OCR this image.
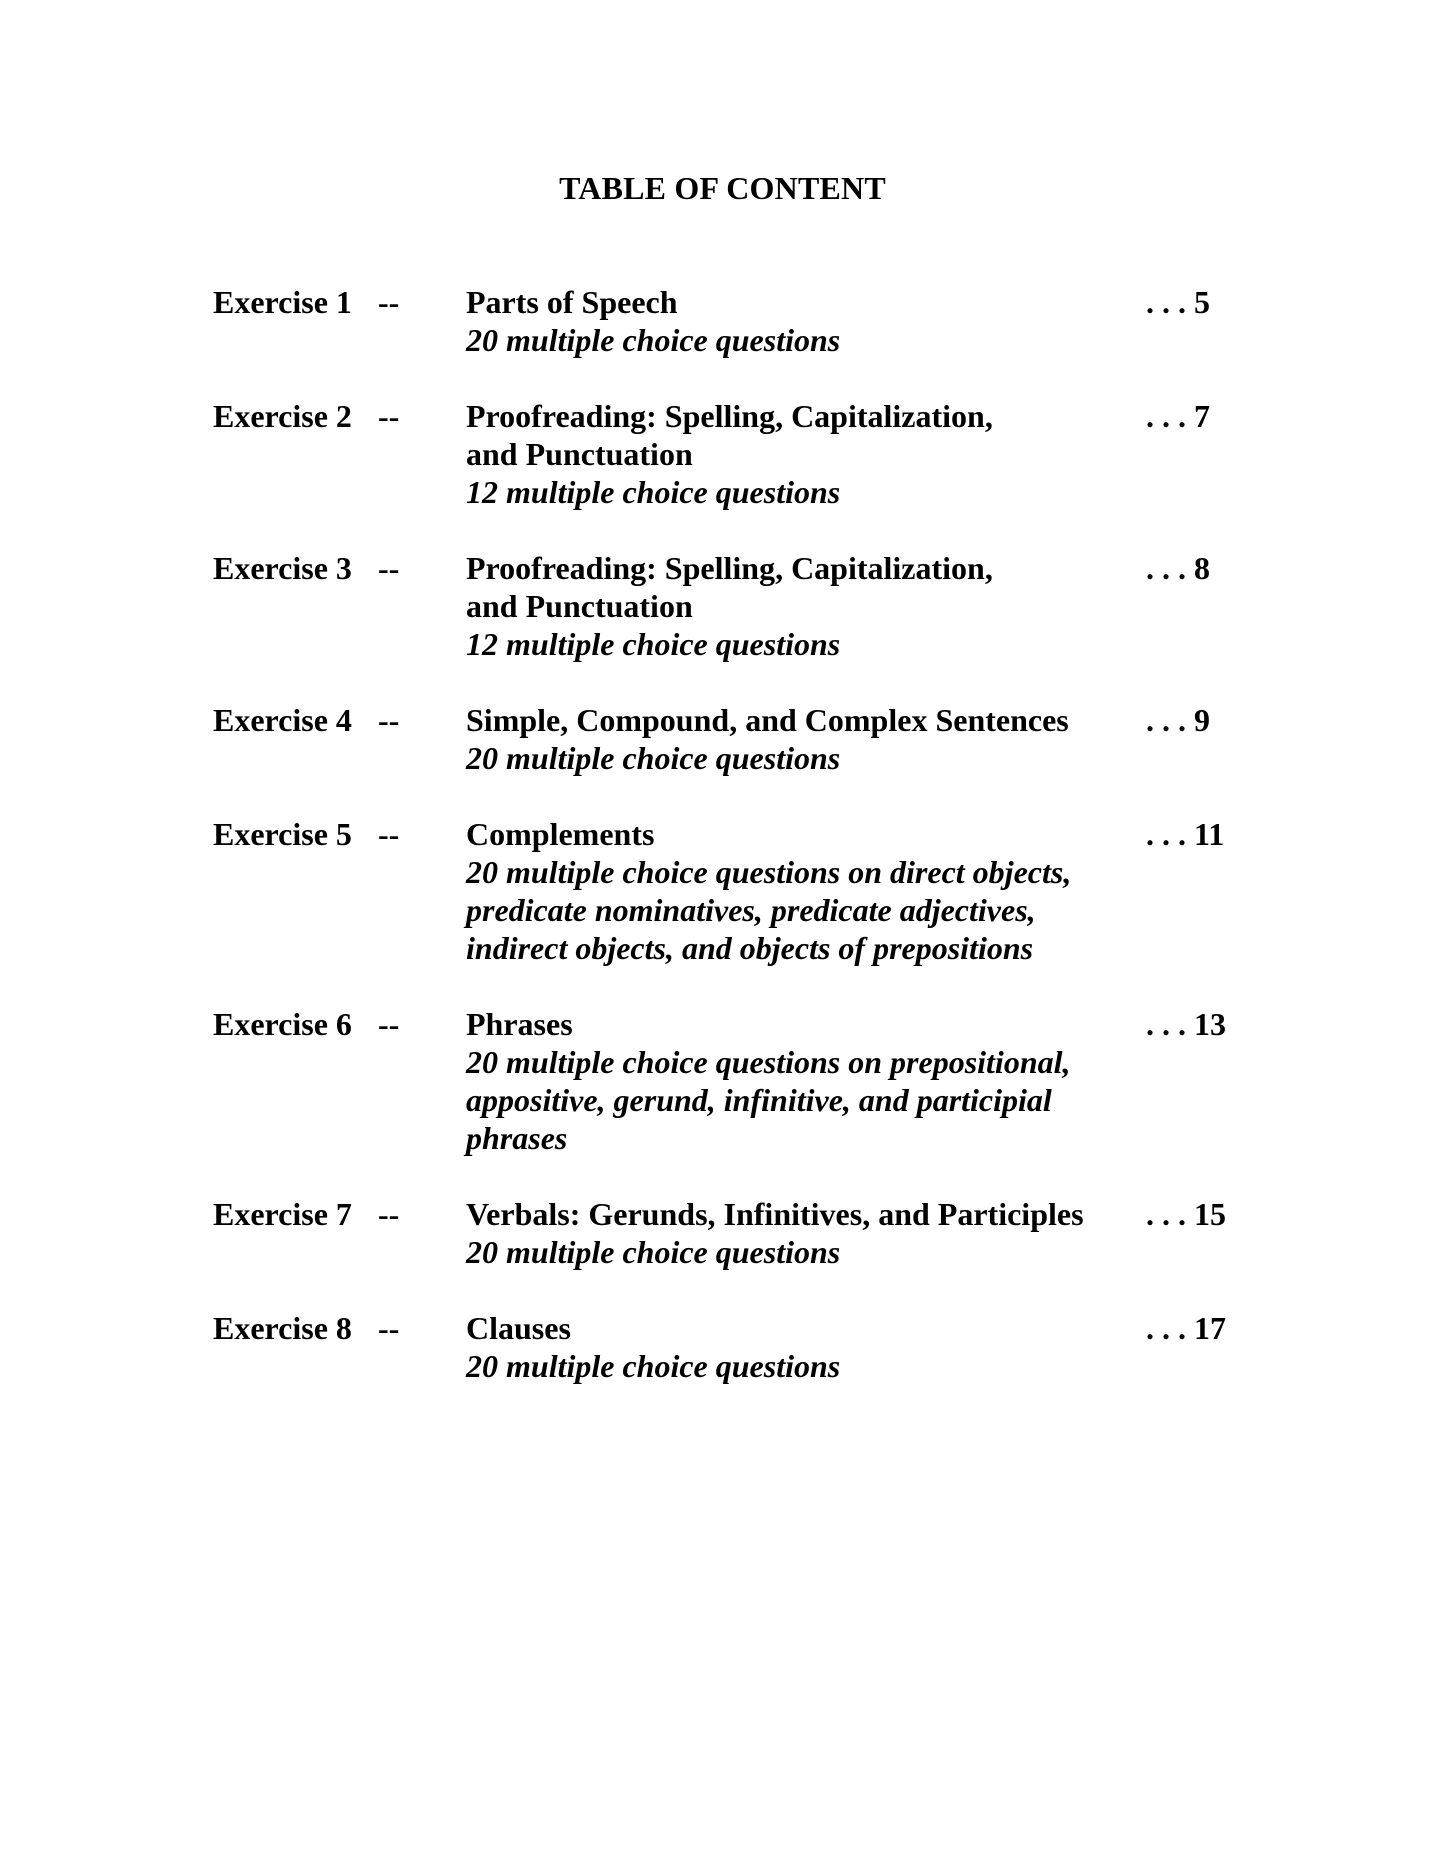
TABLE OF CONTENT
Exercise 1 --	Parts of Speech
20 multiple choice questions
. . . 5
Exercise 2 --	Proofreading: Spelling, Capitalization,
and Punctuation
12 multiple choice questions
. . . 7
Exercise 3 --	Proofreading: Spelling, Capitalization,
and Punctuation
12 multiple choice questions
. . . 8
Exercise 4 --	Simple, Compound, and Complex Sentences
20 multiple choice questions
. . . 9
Exercise 5 --	Complements
20 multiple choice questions on direct objects,
predicate nominatives, predicate adjectives,
indirect objects, and objects of prepositions
. . . 11
Exercise 6 --	Phrases
20 multiple choice questions on prepositional,
appositive, gerund, infinitive, and participial
phrases
. . . 13
Exercise 7 --	Verbals: Gerunds, Infinitives, and Participles
20 multiple choice questions
. . . 15
Exercise 8 --	Clauses
20 multiple choice questions
. . . 17
